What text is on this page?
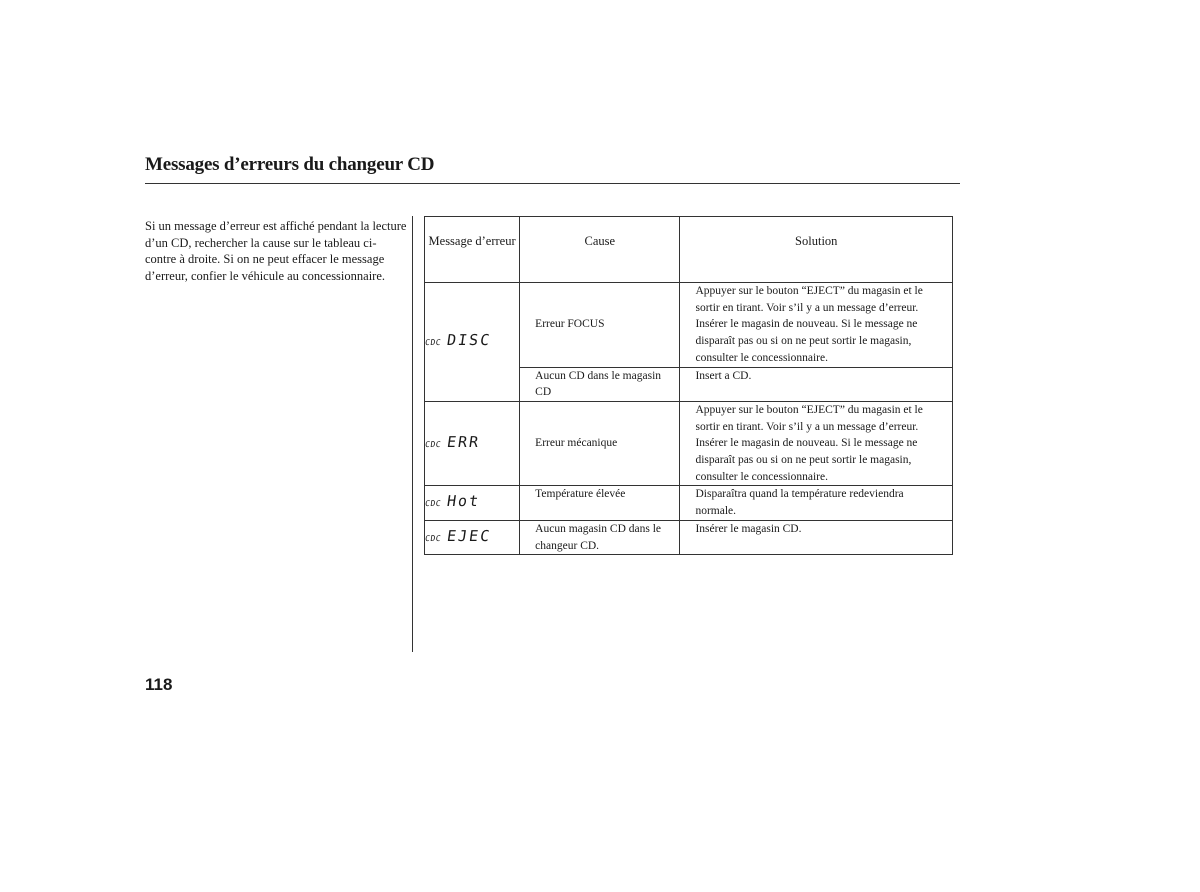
Messages d’erreurs du changeur CD

Si un message d’erreur est affiché pendant la lecture d’un CD, rechercher la cause sur le tableau ci-contre à droite. Si on ne peut effacer le message d’erreur, confier le véhicule au concessionnaire.

Message d’erreur	Cause	Solution

CDC DISC	Erreur FOCUS	Appuyer sur le bouton “EJECT” du magasin et le sortir en tirant. Voir s’il y a un message d’erreur. Insérer le magasin de nouveau. Si le message ne disparaît pas ou si on ne peut sortir le magasin, consulter le concessionnaire.

	Aucun CD dans le magasin CD	Insert a CD.

CDC ERR	Erreur mécanique	Appuyer sur le bouton “EJECT” du magasin et le sortir en tirant. Voir s’il y a un message d’erreur. Insérer le magasin de nouveau. Si le message ne disparaît pas ou si on ne peut sortir le magasin, consulter le concessionnaire.

CDC Hot	Température élevée	Disparaîtra quand la température redeviendra normale.

CDC EJEC	Aucun magasin CD dans le changeur CD.	Insérer le magasin CD.
118
